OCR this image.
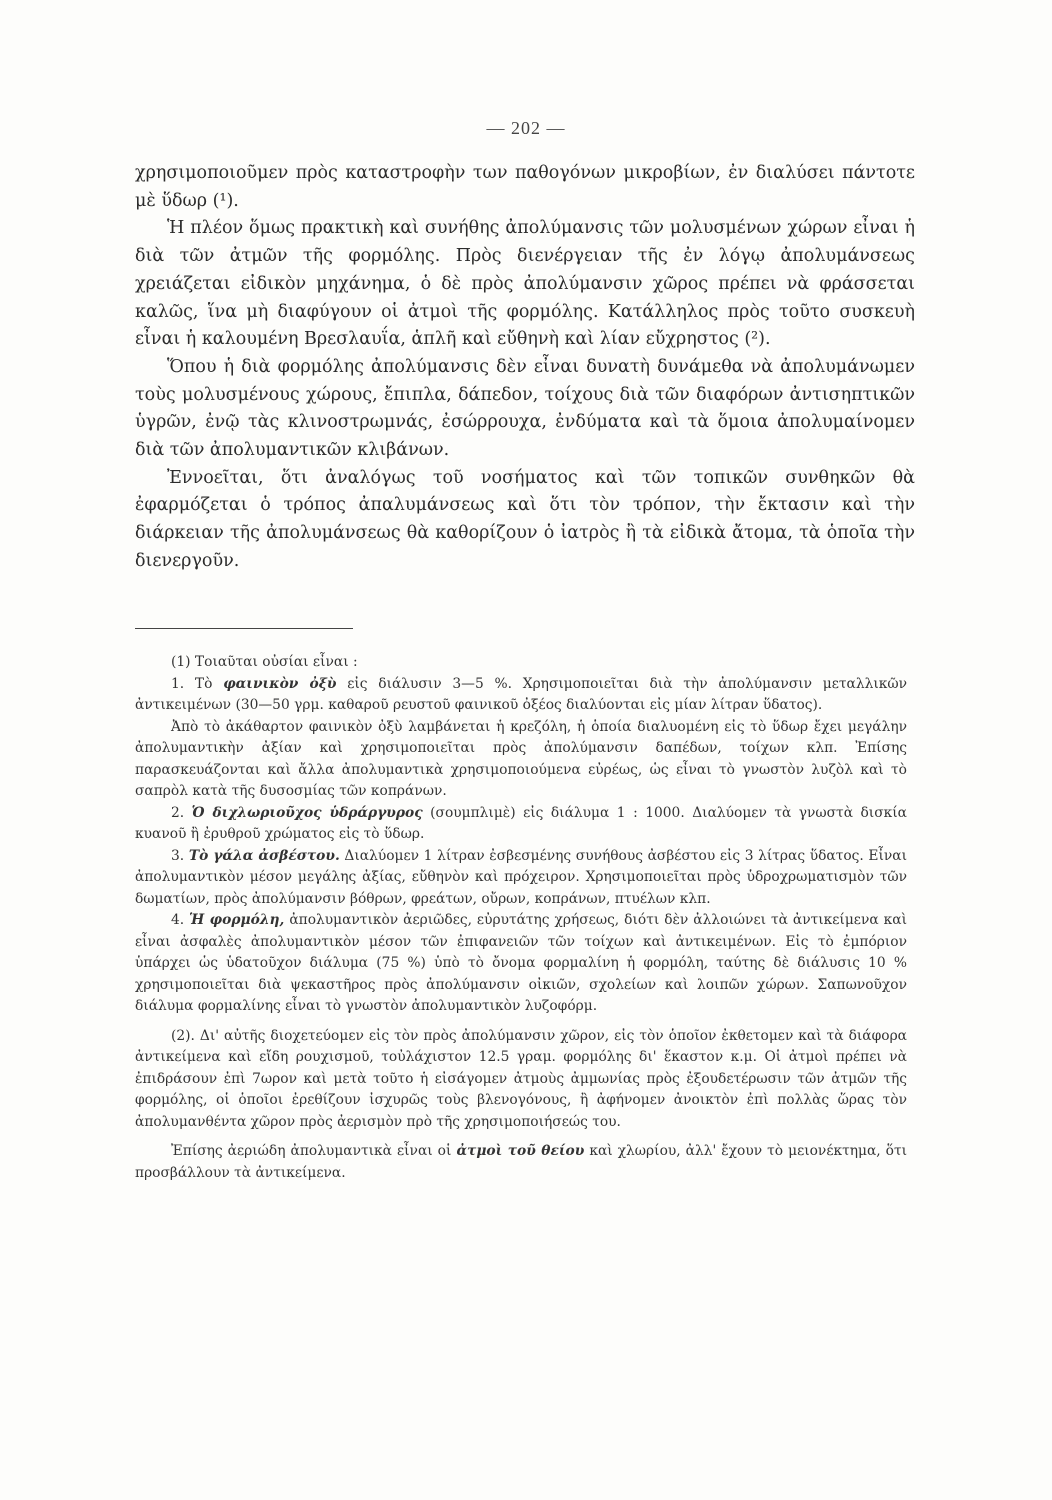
— 202 —

χρησιμοποιοῦμεν πρὸς καταστροφὴν των παθογόνων μικροβίων, ἐν διαλύσει πάντοτε μὲ ὕδωρ (¹).

Ἡ πλέον ὅμως πρακτικὴ καὶ συνήθης ἀπολύμανσις τῶν μολυσμένων χώρων εἶναι ἡ διὰ τῶν ἀτμῶν τῆς φορμόλης. Πρὸς διενέργειαν τῆς ἐν λόγῳ ἀπολυμάνσεως χρειάζεται εἰδικὸν μηχάνημα, ὁ δὲ πρὸς ἀπολύμανσιν χῶρος πρέπει νὰ φράσσεται καλῶς, ἵνα μὴ διαφύγουν οἱ ἀτμοὶ τῆς φορμόλης. Κατάλληλος πρὸς τοῦτο συσκευὴ εἶναι ἡ καλουμένη Βρεσλαυΐα, ἁπλῆ καὶ εὔθηνὴ καὶ λίαν εὔχρηστος (²).

Ὅπου ἡ διὰ φορμόλης ἀπολύμανσις δὲν εἶναι δυνατὴ δυνάμεθα νὰ ἀπολυμάνωμεν τοὺς μολυσμένους χώρους, ἔπιπλα, δάπεδον, τοίχους διὰ τῶν διαφόρων ἀντισηπτικῶν ὑγρῶν, ἐνῷ τὰς κλινοστρωμνάς, ἐσώρρουχα, ἐνδύματα καὶ τὰ ὅμοια ἀπολυμαίνομεν διὰ τῶν ἀπολυμαντικῶν κλιβάνων.

Ἐννοεῖται, ὅτι ἀναλόγως τοῦ νοσήματος καὶ τῶν τοπικῶν συνθηκῶν θὰ ἐφαρμόζεται ὁ τρόπος ἀπαλυμάνσεως καὶ ὅτι τὸν τρόπον, τὴν ἔκτασιν καὶ τὴν διάρκειαν τῆς ἀπολυμάνσεως θὰ καθορίζουν ὁ ἰατρὸς ἢ τὰ εἰδικὰ ἄτομα, τὰ ὁποῖα τὴν διενεργοῦν.

(1) Τοιαῦται οὐσίαι εἶναι :

1. Τὸ φαινικὸν ὀξὺ εἰς διάλυσιν 3—5 %. Χρησιμοποιεῖται διὰ τὴν ἀπολύμανσιν μεταλλικῶν ἀντικειμένων (30—50 γρμ. καθαροῦ ρευστοῦ φαινικοῦ ὀξέος διαλύονται εἰς μίαν λίτραν ὕδατος).

Ἀπὸ τὸ ἀκάθαρτον φαινικὸν ὀξὺ λαμβάνεται ἡ κρεζόλη, ἡ ὁποία διαλυομένη εἰς τὸ ὕδωρ ἔχει μεγάλην ἀπολυμαντικὴν ἀξίαν καὶ χρησιμοποιεῖται πρὸς ἀπολύμανσιν δαπέδων, τοίχων κλπ. Ἐπίσης παρασκευάζονται καὶ ἄλλα ἀπολυμαντικὰ χρησιμοποιούμενα εὐρέως, ὡς εἶναι τὸ γνωστὸν λυζὸλ καὶ τὸ σαπρὸλ κατὰ τῆς δυσοσμίας τῶν κοπράνων.

2. Ὁ διχλωριοῦχος ὑδράργυρος (σουμπλιμὲ) εἰς διάλυμα 1 : 1000. Διαλύομεν τὰ γνωστὰ δισκία κυανοῦ ἢ ἐρυθροῦ χρώματος εἰς τὸ ὕδωρ.

3. Τὸ γάλα ἀσβέστου. Διαλύομεν 1 λίτραν ἐσβεσμένης συνήθους ἀσβέστου εἰς 3 λίτρας ὕδατος. Εἶναι ἀπολυμαντικὸν μέσον μεγάλης ἀξίας, εὔθηνὸν καὶ πρόχειρον. Χρησιμοποιεῖται πρὸς ὑδροχρωματισμὸν τῶν δωματίων, πρὸς ἀπολύμανσιν βόθρων, φρεάτων, οὔρων, κοπράνων, πτυέλων κλπ.

4. Ἡ φορμόλη, ἀπολυμαντικὸν ἀεριῶδες, εὐρυτάτης χρήσεως, διότι δὲν ἀλλοιώνει τὰ ἀντικείμενα καὶ εἶναι ἀσφαλὲς ἀπολυμαντικὸν μέσον τῶν ἐπιφανειῶν τῶν τοίχων καὶ ἀντικειμένων. Εἰς τὸ ἐμπόριον ὑπάρχει ὡς ὑδατοῦχον διάλυμα (75 %) ὑπὸ τὸ ὄνομα φορμαλίνη ἡ φορμόλη, ταύτης δὲ διάλυσις 10 % χρησιμοποιεῖται διὰ ψεκαστῆρος πρὸς ἀπολύμανσιν οἰκιῶν, σχολείων καὶ λοιπῶν χώρων. Σαπωνοῦχον διάλυμα φορμαλίνης εἶναι τὸ γνωστὸν ἀπολυμαντικὸν λυζοφόρμ.

(2). Δι' αὐτῆς διοχετεύομεν εἰς τὸν πρὸς ἀπολύμανσιν χῶρον, εἰς τὸν ὁποῖον ἐκθετομεν καὶ τὰ διάφορα ἀντικείμενα καὶ εἴδη ρουχισμοῦ, τοὐλάχιστον 12.5 γραμ. φορμόλης δι' ἕκαστον κ.μ. Οἱ ἀτμοὶ πρέπει νὰ ἐπιδράσουν ἐπὶ 7ωρον καὶ μετὰ τοῦτο ἡ εἰσάγομεν ἀτμοὺς ἀμμωνίας πρὸς ἐξουδετέρωσιν τῶν ἀτμῶν τῆς φορμόλης, οἱ ὁποῖοι ἐρεθίζουν ἰσχυρῶς τοὺς βλενογόνους, ἢ ἀφήνομεν ἀνοικτὸν ἐπὶ πολλὰς ὥρας τὸν ἀπολυμανθέντα χῶρον πρὸς ἀερισμὸν πρὸ τῆς χρησιμοποιήσεώς του.

Ἐπίσης ἀεριώδη ἀπολυμαντικὰ εἶναι οἱ ἀτμοὶ τοῦ θείου καὶ χλωρίου, ἀλλ' ἔχουν τὸ μειονέκτημα, ὅτι προσβάλλουν τὰ ἀντικείμενα.
